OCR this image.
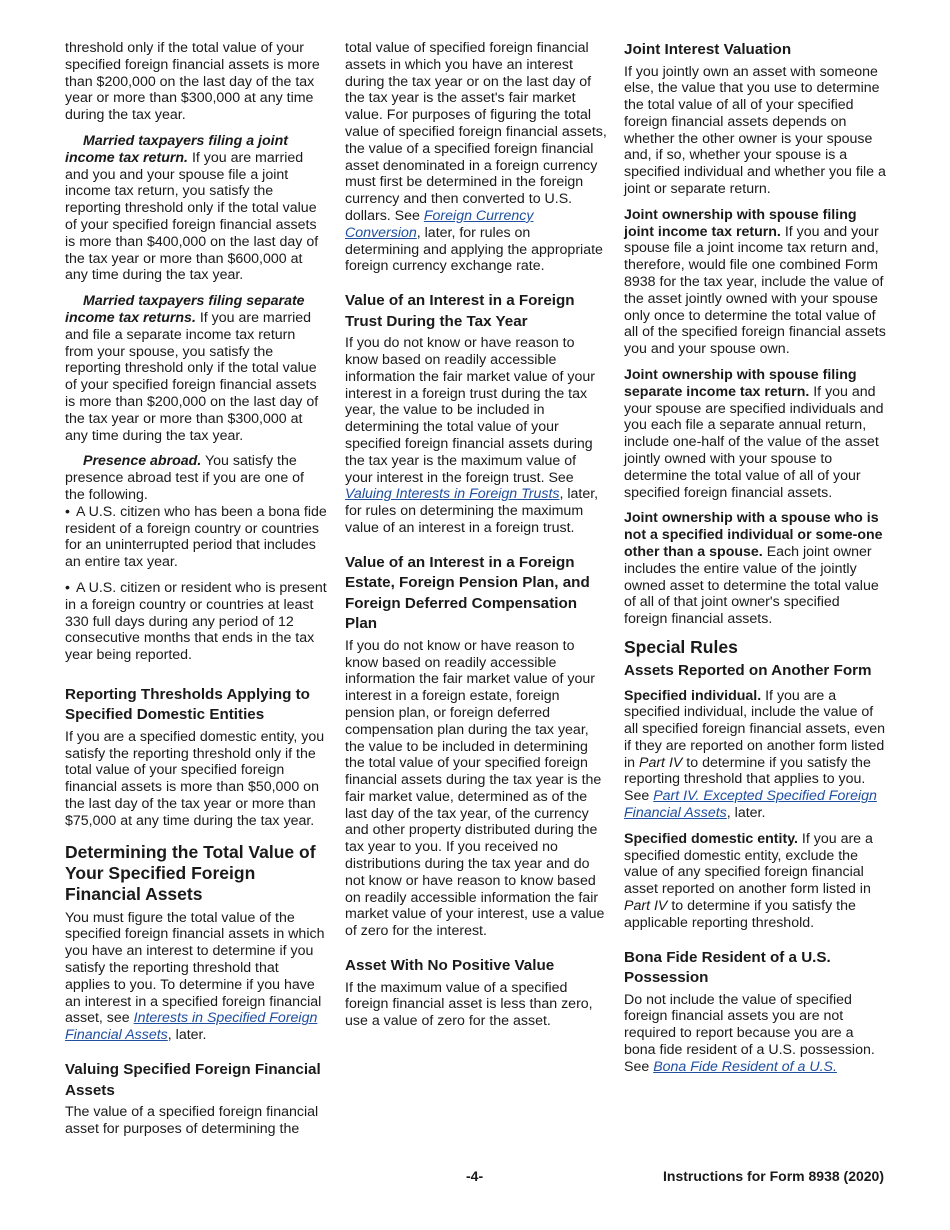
threshold only if the total value of your specified foreign financial assets is more than $200,000 on the last day of the tax year or more than $300,000 at any time during the tax year.

Married taxpayers filing a joint income tax return. If you are married and you and your spouse file a joint income tax return, you satisfy the reporting threshold only if the total value of your specified foreign financial assets is more than $400,000 on the last day of the tax year or more than $600,000 at any time during the tax year.

Married taxpayers filing separate income tax returns. If you are married and file a separate income tax return from your spouse, you satisfy the reporting threshold only if the total value of your specified foreign financial assets is more than $200,000 on the last day of the tax year or more than $300,000 at any time during the tax year.

Presence abroad. You satisfy the presence abroad test if you are one of the following.

• A U.S. citizen who has been a bona fide resident of a foreign country or countries for an uninterrupted period that includes an entire tax year.

• A U.S. citizen or resident who is present in a foreign country or countries at least 330 full days during any period of 12 consecutive months that ends in the tax year being reported.

Reporting Thresholds Applying to Specified Domestic Entities

If you are a specified domestic entity, you satisfy the reporting threshold only if the total value of your specified foreign financial assets is more than $50,000 on the last day of the tax year or more than $75,000 at any time during the tax year.

Determining the Total Value of Your Specified Foreign Financial Assets

You must figure the total value of the specified foreign financial assets in which you have an interest to determine if you satisfy the reporting threshold that applies to you. To determine if you have an interest in a specified foreign financial asset, see Interests in Specified Foreign Financial Assets, later.

Valuing Specified Foreign Financial Assets

The value of a specified foreign financial asset for purposes of determining the

total value of specified foreign financial assets in which you have an interest during the tax year or on the last day of the tax year is the asset's fair market value. For purposes of figuring the total value of specified foreign financial assets, the value of a specified foreign financial asset denominated in a foreign currency must first be determined in the foreign currency and then converted to U.S. dollars. See Foreign Currency Conversion, later, for rules on determining and applying the appropriate foreign currency exchange rate.

Value of an Interest in a Foreign Trust During the Tax Year

If you do not know or have reason to know based on readily accessible information the fair market value of your interest in a foreign trust during the tax year, the value to be included in determining the total value of your specified foreign financial assets during the tax year is the maximum value of your interest in the foreign trust. See Valuing Interests in Foreign Trusts, later, for rules on determining the maximum value of an interest in a foreign trust.

Value of an Interest in a Foreign Estate, Foreign Pension Plan, and Foreign Deferred Compensation Plan

If you do not know or have reason to know based on readily accessible information the fair market value of your interest in a foreign estate, foreign pension plan, or foreign deferred compensation plan during the tax year, the value to be included in determining the total value of your specified foreign financial assets during the tax year is the fair market value, determined as of the last day of the tax year, of the currency and other property distributed during the tax year to you. If you received no distributions during the tax year and do not know or have reason to know based on readily accessible information the fair market value of your interest, use a value of zero for the interest.

Asset With No Positive Value

If the maximum value of a specified foreign financial asset is less than zero, use a value of zero for the asset.

Joint Interest Valuation

If you jointly own an asset with someone else, the value that you use to determine the total value of all of your specified foreign financial assets depends on whether the other owner is your spouse and, if so, whether your spouse is a specified individual and whether you file a joint or separate return.

Joint ownership with spouse filing joint income tax return. If you and your spouse file a joint income tax return and, therefore, would file one combined Form 8938 for the tax year, include the value of the asset jointly owned with your spouse only once to determine the total value of all of the specified foreign financial assets you and your spouse own.

Joint ownership with spouse filing separate income tax return. If you and your spouse are specified individuals and you each file a separate annual return, include one-half of the value of the asset jointly owned with your spouse to determine the total value of all of your specified foreign financial assets.

Joint ownership with a spouse who is not a specified individual or some-one other than a spouse. Each joint owner includes the entire value of the jointly owned asset to determine the total value of all of that joint owner's specified foreign financial assets.

Special Rules
Assets Reported on Another Form

Specified individual. If you are a specified individual, include the value of all specified foreign financial assets, even if they are reported on another form listed in Part IV to determine if you satisfy the reporting threshold that applies to you. See Part IV. Excepted Specified Foreign Financial Assets, later.

Specified domestic entity. If you are a specified domestic entity, exclude the value of any specified foreign financial asset reported on another form listed in Part IV to determine if you satisfy the applicable reporting threshold.

Bona Fide Resident of a U.S. Possession

Do not include the value of specified foreign financial assets you are not required to report because you are a bona fide resident of a U.S. possession. See Bona Fide Resident of a U.S.

-4-	Instructions for Form 8938 (2020)
